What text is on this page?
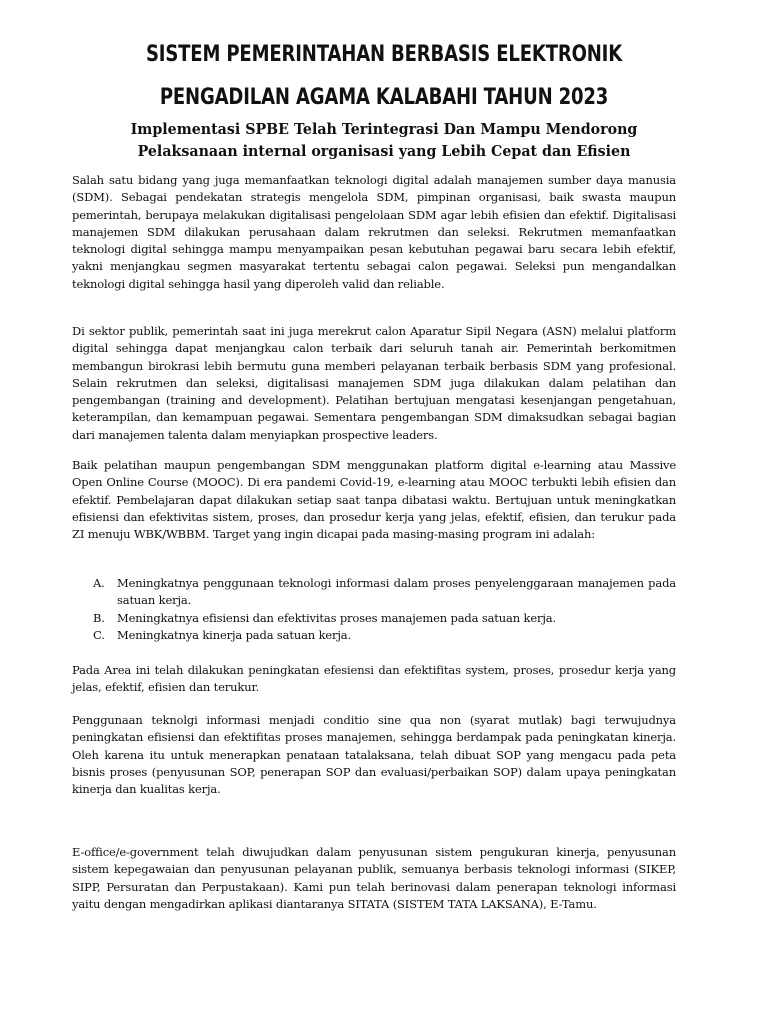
SISTEM PEMERINTAHAN BERBASIS ELEKTRONIK
PENGADILAN AGAMA KALABAHI TAHUN 2023
Implementasi SPBE Telah Terintegrasi Dan Mampu Mendorong
Pelaksanaan internal organisasi yang Lebih Cepat dan Efisien

Salah satu bidang yang juga memanfaatkan teknologi digital adalah manajemen sumber daya manusia (SDM). Sebagai pendekatan strategis mengelola SDM, pimpinan organisasi, baik swasta maupun pemerintah, berupaya melakukan digitalisasi pengelolaan SDM agar lebih efisien dan efektif. Digitalisasi manajemen SDM dilakukan perusahaan dalam rekrutmen dan seleksi. Rekrutmen memanfaatkan teknologi digital sehingga mampu menyampaikan pesan kebutuhan pegawai baru secara lebih efektif, yakni menjangkau segmen masyarakat tertentu sebagai calon pegawai. Seleksi pun mengandalkan teknologi digital sehingga hasil yang diperoleh valid dan reliable.

Di sektor publik, pemerintah saat ini juga merekrut calon Aparatur Sipil Negara (ASN) melalui platform digital sehingga dapat menjangkau calon terbaik dari seluruh tanah air. Pemerintah berkomitmen membangun birokrasi lebih bermutu guna memberi pelayanan terbaik berbasis SDM yang profesional. Selain rekrutmen dan seleksi, digitalisasi manajemen SDM juga dilakukan dalam pelatihan dan pengembangan (training and development). Pelatihan bertujuan mengatasi kesenjangan pengetahuan, keterampilan, dan kemampuan pegawai. Sementara pengembangan SDM dimaksudkan sebagai bagian dari manajemen talenta dalam menyiapkan prospective leaders.

Baik pelatihan maupun pengembangan SDM menggunakan platform digital e-learning atau Massive Open Online Course (MOOC). Di era pandemi Covid-19, e-learning atau MOOC terbukti lebih efisien dan efektif. Pembelajaran dapat dilakukan setiap saat tanpa dibatasi waktu. Bertujuan untuk meningkatkan efisiensi dan efektivitas sistem, proses, dan prosedur kerja yang jelas, efektif, efisien, dan terukur pada ZI menuju WBK/WBBM. Target yang ingin dicapai pada masing-masing program ini adalah:

A. Meningkatnya penggunaan teknologi informasi dalam proses penyelenggaraan manajemen pada satuan kerja.
B. Meningkatnya efisiensi dan efektivitas proses manajemen pada satuan kerja.
C. Meningkatnya kinerja pada satuan kerja.

Pada Area ini telah dilakukan peningkatan efesiensi dan efektifitas system, proses, prosedur kerja yang jelas, efektif, efisien dan terukur.

Penggunaan teknolgi informasi menjadi conditio sine qua non (syarat mutlak) bagi terwujudnya peningkatan efisiensi dan efektifitas proses manajemen, sehingga berdampak pada peningkatan kinerja. Oleh karena itu untuk menerapkan penataan tatalaksana, telah dibuat SOP yang mengacu pada peta bisnis proses (penyusunan SOP, penerapan SOP dan evaluasi/perbaikan SOP) dalam upaya peningkatan kinerja dan kualitas kerja.

E-office/e-government telah diwujudkan dalam penyusunan sistem pengukuran kinerja, penyusunan sistem kepegawaian dan penyusunan pelayanan publik, semuanya berbasis teknologi informasi (SIKEP, SIPP, Persuratan dan Perpustakaan). Kami pun telah berinovasi dalam penerapan teknologi informasi yaitu dengan mengadirkan aplikasi diantaranya SITATA (SISTEM TATA LAKSANA), E-Tamu.
